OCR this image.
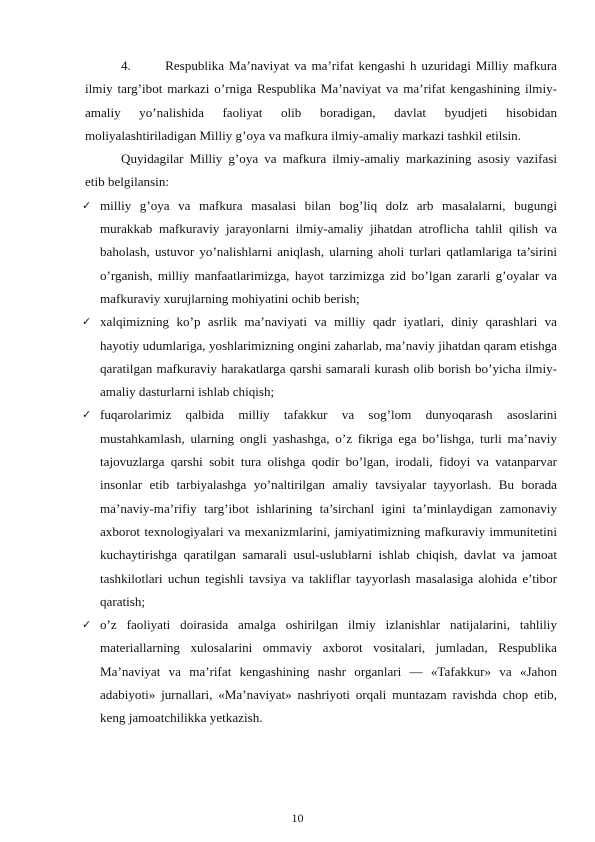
4.	Respublika Ma’naviyat va ma’rifat kengashi h uzuridagi Milliy mafkura ilmiy targ’ibot markazi o’rniga Respublika Ma’naviyat va ma’rifat kengashining ilmiy-amaliy yo’nalishida faoliyat olib boradigan, davlat byudjeti hisobidan moliyalashtiriladigan Milliy g’oya va mafkura ilmiy-amaliy markazi tashkil etilsin.

Quyidagilar Milliy g’oya va mafkura ilmiy-amaliy markazining asosiy vazifasi etib belgilansin:

✓ milliy g’oya va mafkura masalasi bilan bog’liq dolz arb masalalarni, bugungi murakkab mafkuraviy jarayonlarni ilmiy-amaliy jihatdan atroflicha tahlil qilish va baholash, ustuvor yo’nalishlarni aniqlash, ularning aholi turlari qatlamlariga ta’sirini o’rganish, milliy manfaatlarimizga, hayot tarzimizga zid bo’lgan zararli g’oyalar va mafkuraviy xurujlarning mohiyatini ochib berish;
✓ xalqimizning ko’p asrlik ma’naviyati va milliy qadr iyatlari, diniy qarashlari va hayotiy udumlariga, yoshlarimizning ongini zaharlab, ma’naviy jihatdan qaram etishga qaratilgan mafkuraviy harakatlarga qarshi samarali kurash olib borish bo’yicha ilmiy-amaliy dasturlarni ishlab chiqish;
✓ fuqarolarimiz qalbida milliy tafakkur va sog’lom dunyoqarash asoslarini mustahkamlash, ularning ongli yashashga, o’z fikriga ega bo’lishga, turli ma’naviy tajovuzlarga qarshi sobit tura olishga qodir bo’lgan, irodali, fidoyi va vatanparvar insonlar etib tarbiyalashga yo’naltirilgan amaliy tavsiyalar tayyorlash. Bu borada ma’naviy-ma’rifiy targ’ibot ishlarining ta’sirchanl igini ta’minlaydigan zamonaviy axborot texnologiyalari va mexanizmlarini, jamiyatimizning mafkuraviy immunitetini kuchaytirishga qaratilgan samarali usul-uslublarni ishlab chiqish, davlat va jamoat tashkilotlari uchun tegishli tavsiya va takliflar tayyorlash masalasiga alohida e’tibor qaratish;
✓ o’z faoliyati doirasida amalga oshirilgan ilmiy izlanishlar natijalarini, tahliliy materiallarning xulosalarini ommaviy axborot vositalari, jumladan, Respublika Ma’naviyat va ma’rifat kengashining nashr organlari — «Tafakkur» va «Jahon adabiyoti» jurnallari, «Ma’naviyat» nashriyoti orqali muntazam ravishda chop etib, keng jamoatchilikka yetkazish.
10
